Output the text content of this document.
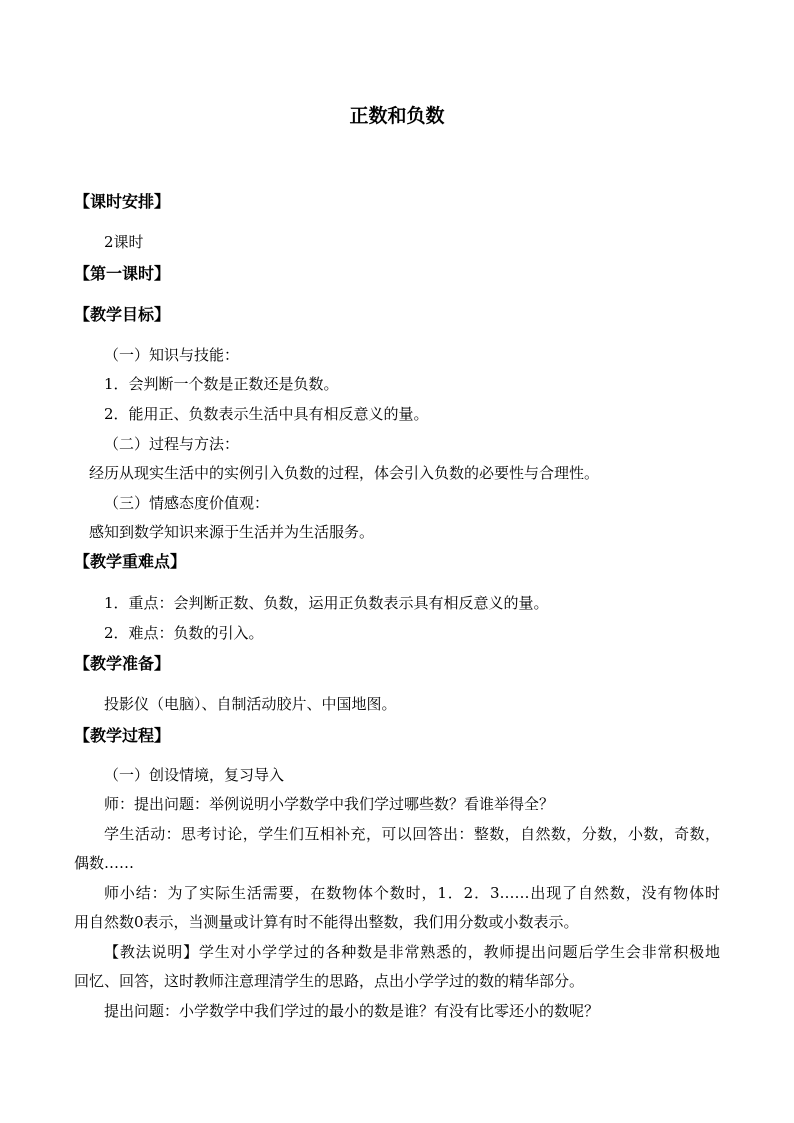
正数和负数
【课时安排】
2课时
【第一课时】
【教学目标】
（一）知识与技能：
1．会判断一个数是正数还是负数。
2．能用正、负数表示生活中具有相反意义的量。
（二）过程与方法：
经历从现实生活中的实例引入负数的过程，体会引入负数的必要性与合理性。
（三）情感态度价值观：
感知到数学知识来源于生活并为生活服务。
【教学重难点】
1．重点：会判断正数、负数，运用正负数表示具有相反意义的量。
2．难点：负数的引入。
【教学准备】
投影仪（电脑）、自制活动胶片、中国地图。
【教学过程】
（一）创设情境，复习导入
师：提出问题：举例说明小学数学中我们学过哪些数？看谁举得全？
学生活动：思考讨论，学生们互相补充，可以回答出：整数，自然数，分数，小数，奇数，
偶数……
师小结：为了实际生活需要，在数物体个数时，1．2．3……出现了自然数，没有物体时
用自然数0表示，当测量或计算有时不能得出整数，我们用分数或小数表示。
【教法说明】学生对小学学过的各种数是非常熟悉的，教师提出问题后学生会非常积极地
回忆、回答，这时教师注意理清学生的思路，点出小学学过的数的精华部分。
提出问题：小学数学中我们学过的最小的数是谁？有没有比零还小的数呢？
